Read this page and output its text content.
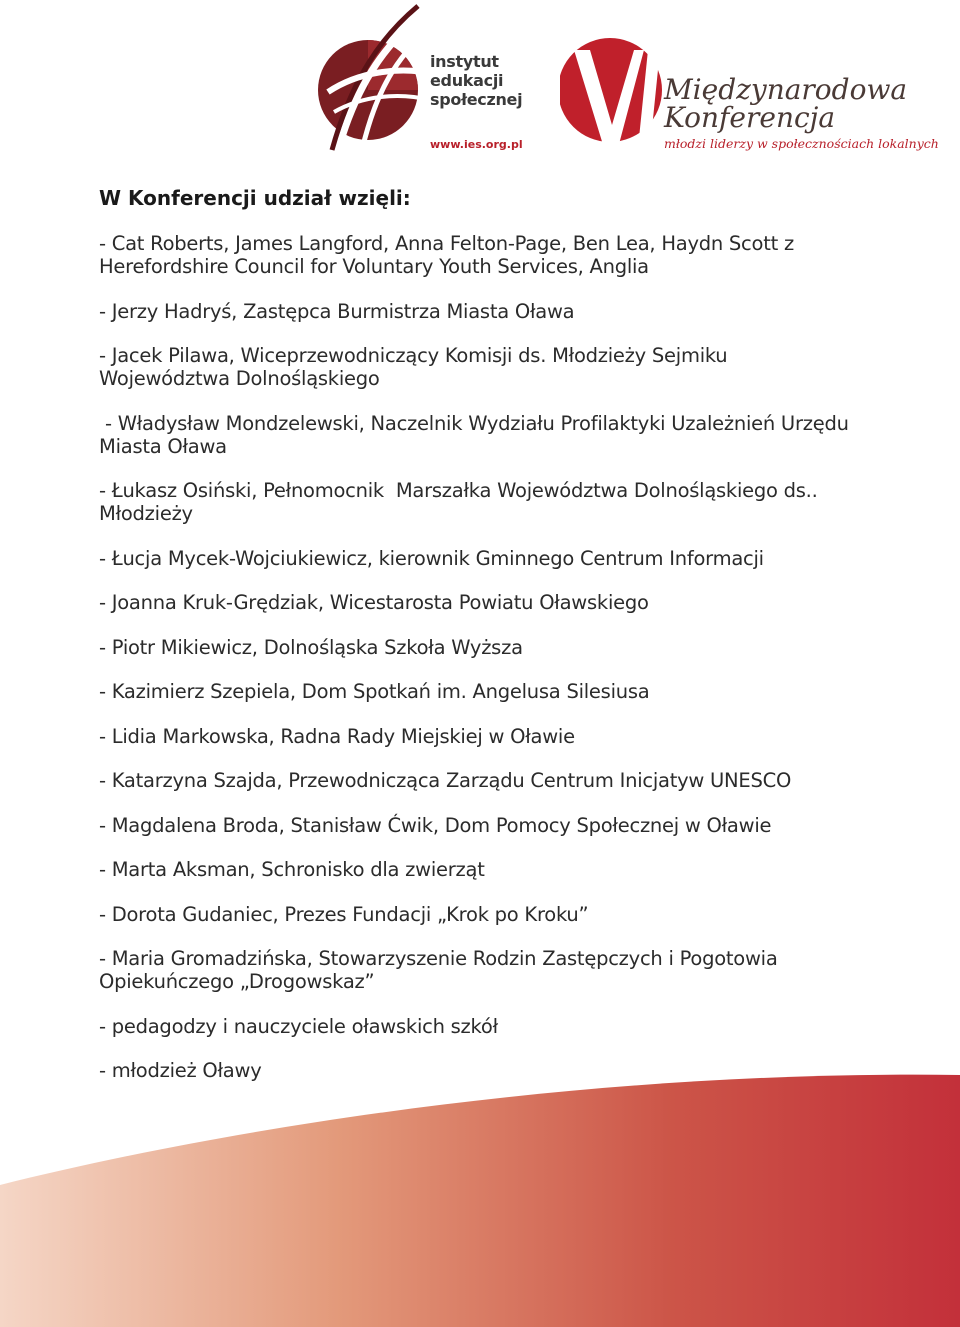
instytut
edukacji
społecznej
www.ies.org.pl
VI
Międzynarodowa
Konferencja
młodzi liderzy w społecznościach lokalnych
W Konferencji udział wzięli:
- Cat Roberts, James Langford, Anna Felton-Page, Ben Lea, Haydn Scott z
Herefordshire Council for Voluntary Youth Services, Anglia
- Jerzy Hadryś, Zastępca Burmistrza Miasta Oława
- Jacek Pilawa, Wiceprzewodniczący Komisji ds. Młodzieży Sejmiku
Województwa Dolnośląskiego
- Władysław Mondzelewski, Naczelnik Wydziału Profilaktyki Uzależnień Urzędu
Miasta Oława
- Łukasz Osiński, Pełnomocnik  Marszałka Województwa Dolnośląskiego ds..
Młodzieży
- Łucja Mycek-Wojciukiewicz, kierownik Gminnego Centrum Informacji
- Joanna Kruk-Grędziak, Wicestarosta Powiatu Oławskiego
- Piotr Mikiewicz, Dolnośląska Szkoła Wyższa
- Kazimierz Szepiela, Dom Spotkań im. Angelusa Silesiusa
- Lidia Markowska, Radna Rady Miejskiej w Oławie
- Katarzyna Szajda, Przewodnicząca Zarządu Centrum Inicjatyw UNESCO
- Magdalena Broda, Stanisław Ćwik, Dom Pomocy Społecznej w Oławie
- Marta Aksman, Schronisko dla zwierząt
- Dorota Gudaniec, Prezes Fundacji „Krok po Kroku”
- Maria Gromadzińska, Stowarzyszenie Rodzin Zastępczych i Pogotowia
Opiekuńczego „Drogowskaz”
- pedagodzy i nauczyciele oławskich szkół
- młodzież Oławy
